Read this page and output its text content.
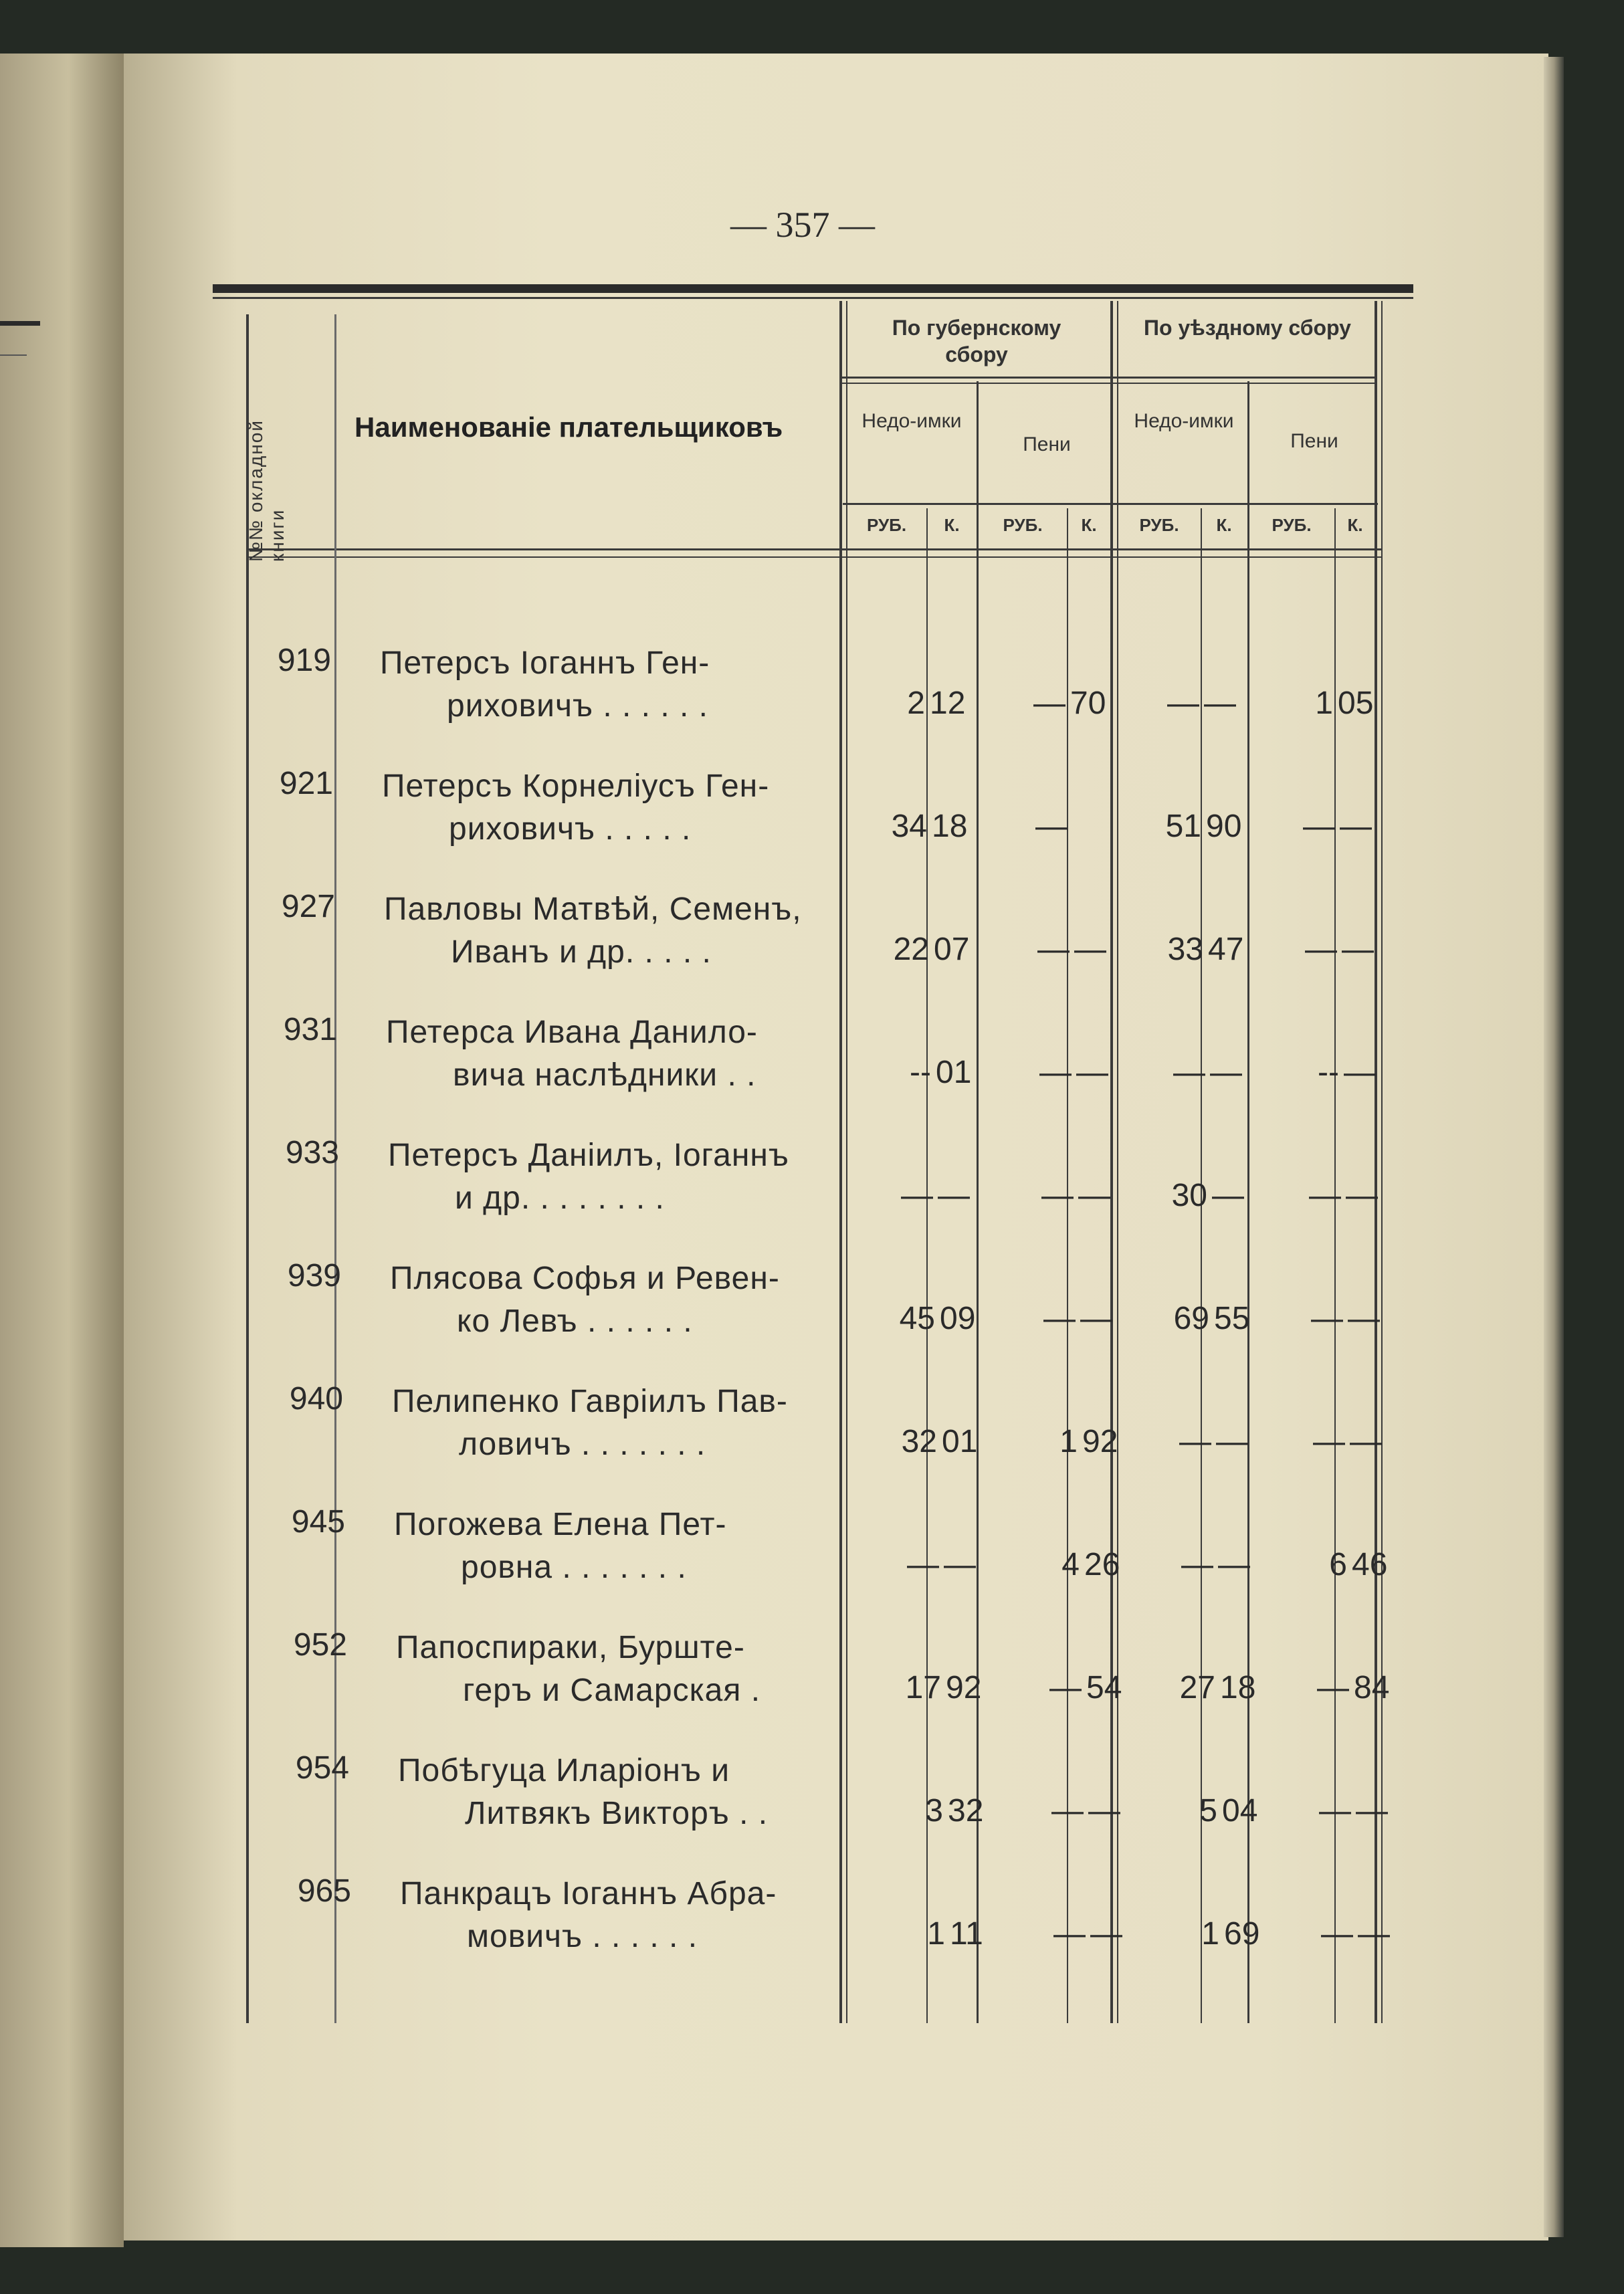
— 357 —
№№ окладной книги
Наименованіе плательщиковъ
По губернскому сбору
По уѣздному сбору
Недо-имки
Пени
Недо-имки
Пени
РУБ.	К.	РУБ.	К.	РУБ.	К.	РУБ.	К.
919 Петерсъ Іоганнъ Ген-
риховичъ . . . . . .	2 12	— 70	— —	1 05
921 Петерсъ Корнеліусъ Ген-
риховичъ . . . . .	34 18	—	51 90	— —
927 Павловы Матвѣй, Семенъ,
Иванъ и др. . . . .	22 07	— —	33 47	— —
931 Петерса Ивана Данило-
вича наслѣдники . .	-- 01	— —	— —	-- —
933 Петерсъ Даніилъ, Іоганнъ
и др. . . . . . . .	— —	— —	30 —	— —
939 Плясова Софья и Ревен-
ко Левъ . . . . . .	45 09	— —	69 55	— —
940 Пелипенко Гавріилъ Пав-
ловичъ . . . . . . .	32 01	1 92	— —	— —
945 Погожева Елена Пет-
ровна . . . . . . .	— —	4 26	— —	6 46
952 Папоспираки, Бурште-
геръ и Самарская .	17 92	— 54	27 18	— 84
954 Побѣгуца Иларіонъ и
Литвякъ Викторъ . .	3 32	— —	5 04	— —
965 Панкрацъ Іоганнъ Абра-
мовичъ . . . . . .	1 11	— —	1 69	— —
